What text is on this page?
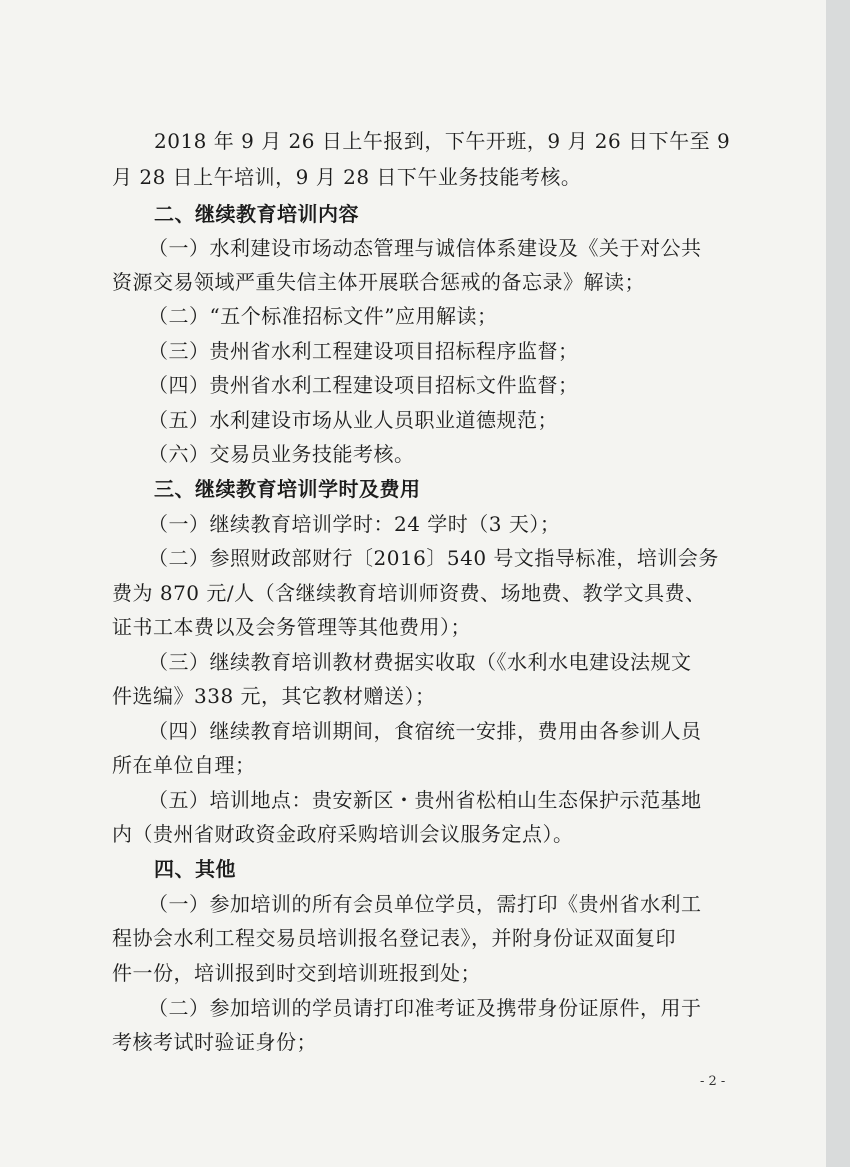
2018 年 9 月 26 日上午报到，下午开班，9 月 26 日下午至 9
月 28 日上午培训，9 月 28 日下午业务技能考核。
二、继续教育培训内容
（一）水利建设市场动态管理与诚信体系建设及《关于对公共
资源交易领域严重失信主体开展联合惩戒的备忘录》解读；
（二）“五个标准招标文件”应用解读；
（三）贵州省水利工程建设项目招标程序监督；
（四）贵州省水利工程建设项目招标文件监督；
（五）水利建设市场从业人员职业道德规范；
（六）交易员业务技能考核。
三、继续教育培训学时及费用
（一）继续教育培训学时：24 学时（3 天）；
（二）参照财政部财行〔2016〕540 号文指导标准，培训会务
费为 870 元/人（含继续教育培训师资费、场地费、教学文具费、
证书工本费以及会务管理等其他费用）；
（三）继续教育培训教材费据实收取（《水利水电建设法规文
件选编》338 元，其它教材赠送）；
（四）继续教育培训期间，食宿统一安排，费用由各参训人员
所在单位自理；
（五）培训地点：贵安新区・贵州省松柏山生态保护示范基地
内（贵州省财政资金政府采购培训会议服务定点）。
四、其他
（一）参加培训的所有会员单位学员，需打印《贵州省水利工
程协会水利工程交易员培训报名登记表》，并附身份证双面复印
件一份，培训报到时交到培训班报到处；
（二）参加培训的学员请打印准考证及携带身份证原件，用于
考核考试时验证身份；
- 2 -
